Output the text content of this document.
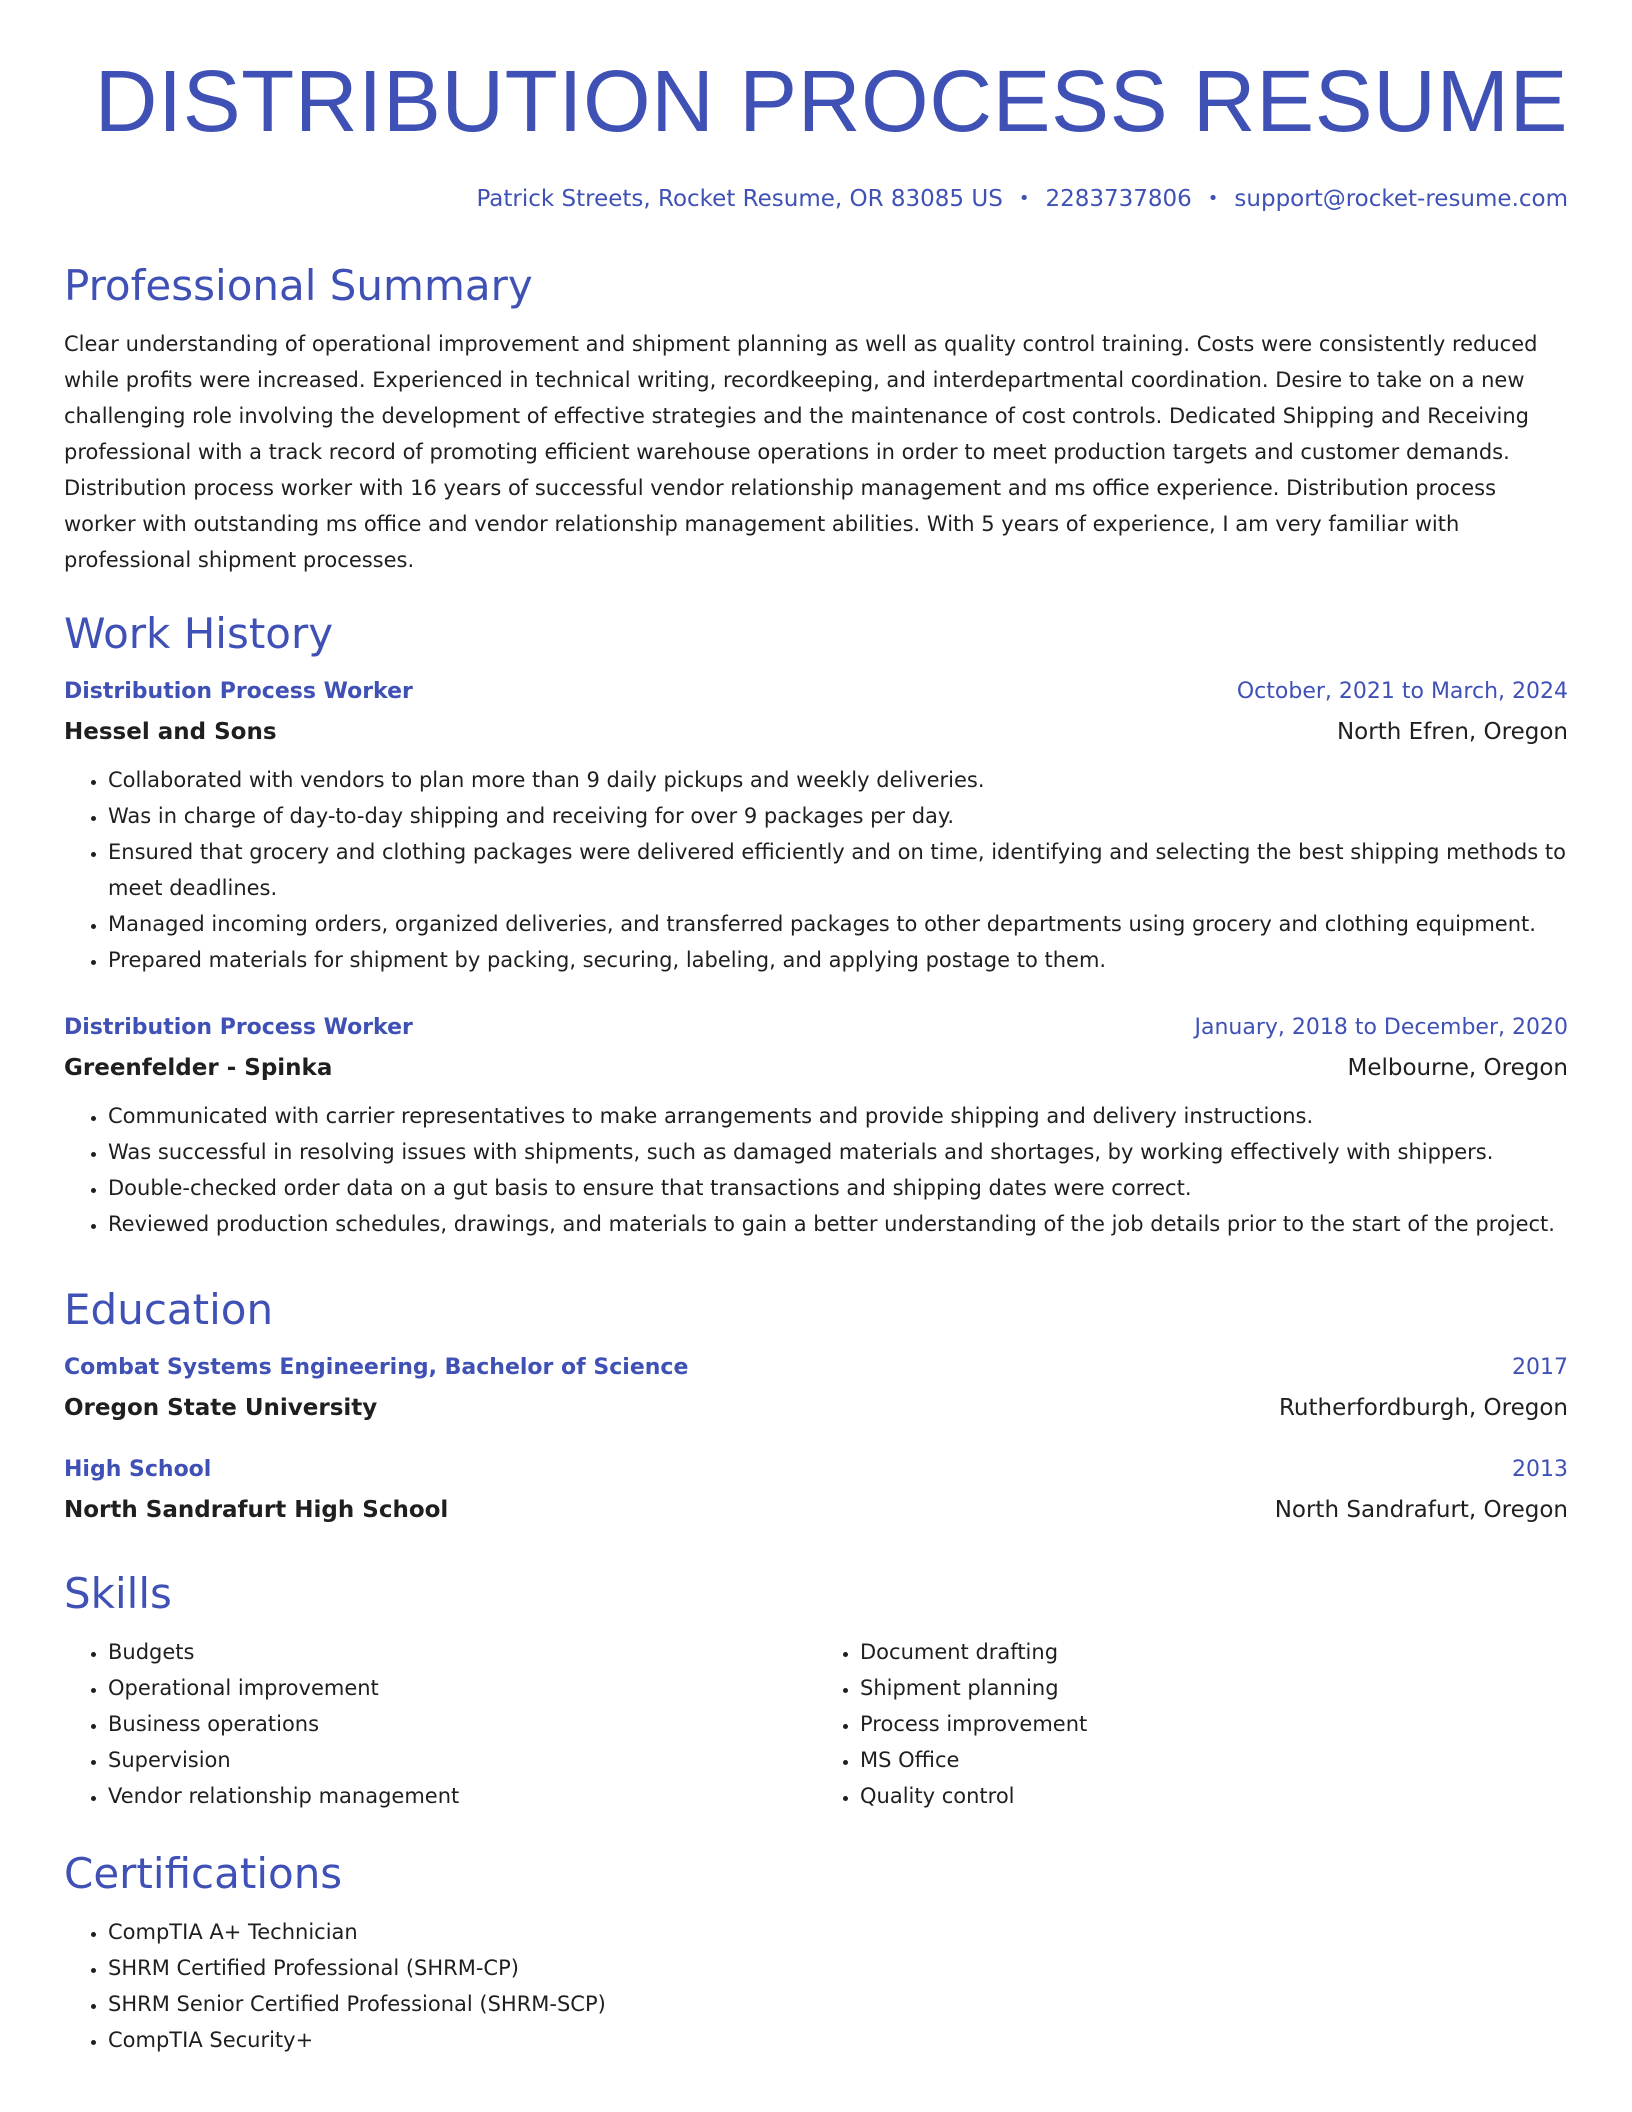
DISTRIBUTION PROCESS RESUME
Patrick Streets, Rocket Resume, OR 83085 US • 2283737806 • support@rocket-resume.com
Professional Summary

Clear understanding of operational improvement and shipment planning as well as quality control training. Costs were consistently reduced while profits were increased. Experienced in technical writing, recordkeeping, and interdepartmental coordination. Desire to take on a new challenging role involving the development of effective strategies and the maintenance of cost controls. Dedicated Shipping and Receiving professional with a track record of promoting efficient warehouse operations in order to meet production targets and customer demands. Distribution process worker with 16 years of successful vendor relationship management and ms office experience. Distribution process worker with outstanding ms office and vendor relationship management abilities. With 5 years of experience, I am very familiar with professional shipment processes.

Work History
Distribution Process Worker	October, 2021 to March, 2024
Hessel and Sons	North Efren, Oregon
• Collaborated with vendors to plan more than 9 daily pickups and weekly deliveries.
• Was in charge of day-to-day shipping and receiving for over 9 packages per day.
• Ensured that grocery and clothing packages were delivered efficiently and on time, identifying and selecting the best shipping methods to meet deadlines.
• Managed incoming orders, organized deliveries, and transferred packages to other departments using grocery and clothing equipment.
• Prepared materials for shipment by packing, securing, labeling, and applying postage to them.
Distribution Process Worker	January, 2018 to December, 2020
Greenfelder - Spinka	Melbourne, Oregon
• Communicated with carrier representatives to make arrangements and provide shipping and delivery instructions.
• Was successful in resolving issues with shipments, such as damaged materials and shortages, by working effectively with shippers.
• Double-checked order data on a gut basis to ensure that transactions and shipping dates were correct.
• Reviewed production schedules, drawings, and materials to gain a better understanding of the job details prior to the start of the project.
Education
Combat Systems Engineering, Bachelor of Science	2017
Oregon State University	Rutherfordburgh, Oregon
High School	2013
North Sandrafurt High School	North Sandrafurt, Oregon
Skills
• Budgets
• Operational improvement
• Business operations
• Supervision
• Vendor relationship management
• Document drafting
• Shipment planning
• Process improvement
• MS Office
• Quality control
Certifications
• CompTIA A+ Technician
• SHRM Certified Professional (SHRM-CP)
• SHRM Senior Certified Professional (SHRM-SCP)
• CompTIA Security+
